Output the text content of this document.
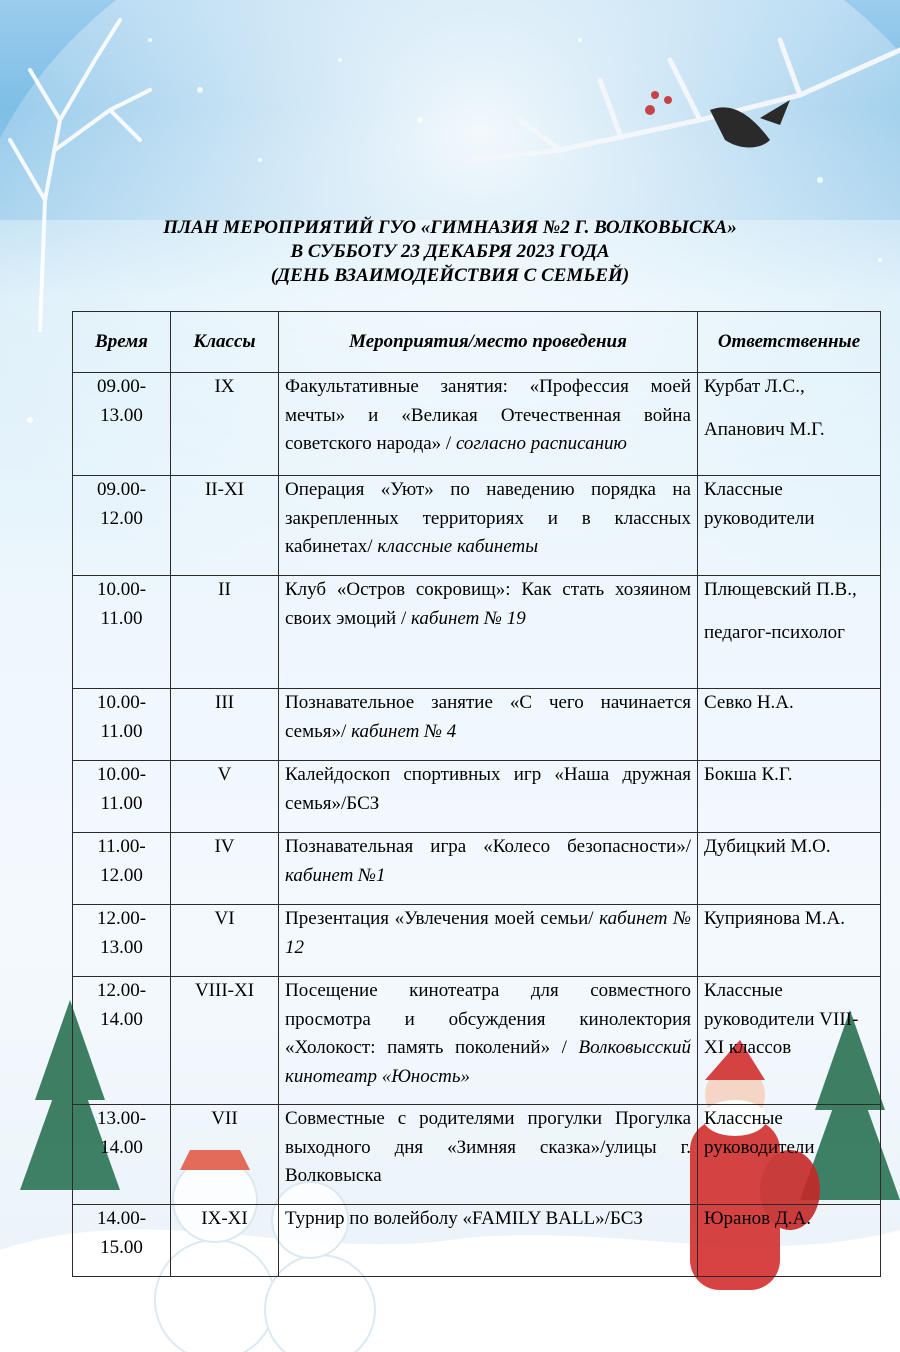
ПЛАН МЕРОПРИЯТИЙ ГУО «ГИМНАЗИЯ №2 Г. ВОЛКОВЫСКА»
В СУББОТУ 23 ДЕКАБРЯ 2023 ГОДА
(ДЕНЬ ВЗАИМОДЕЙСТВИЯ С СЕМЬЕЙ)
Время	Классы	Мероприятия/место проведения	Ответственные
09.00-
13.00	IX	Факультативные занятия: «Профессия моей мечты» и «Великая Отечественная война советского народа» / согласно расписанию	Курбат Л.С.,
Апанович М.Г.

09.00-
12.00	II-XI	Операция «Уют» по наведению порядка на закрепленных территориях и в классных кабинетах/ классные кабинеты	Классные руководители
10.00-
11.00	II	Клуб «Остров сокровищ»: Как стать хозяином своих эмоций / кабинет № 19	Плющевский П.В.,
педагог-психолог

10.00-
11.00	III	Познавательное занятие «С чего начинается семья»/ кабинет № 4	Севко Н.А.
10.00-
11.00	V	Калейдоскоп спортивных игр «Наша дружная семья»/БСЗ	Бокша К.Г.
11.00-
12.00	IV	Познавательная игра «Колесо безопасности»/ кабинет №1	Дубицкий М.О.
12.00-
13.00	VI	Презентация «Увлечения моей семьи/ кабинет № 12	Куприянова М.А.
12.00-
14.00	VIII-XI	Посещение кинотеатра для совместного просмотра и обсуждения кинолектория «Холокост: память поколений» / Волковысский кинотеатр «Юность»	Классные руководители VIII-XI классов
13.00-
14.00	VII	Совместные с родителями прогулки Прогулка выходного дня «Зимняя сказка»/улицы г. Волковыска	Классные руководители
14.00-
15.00	IX-XI	Турнир по волейболу «FAMILY BALL»/БСЗ	Юранов Д.А.
